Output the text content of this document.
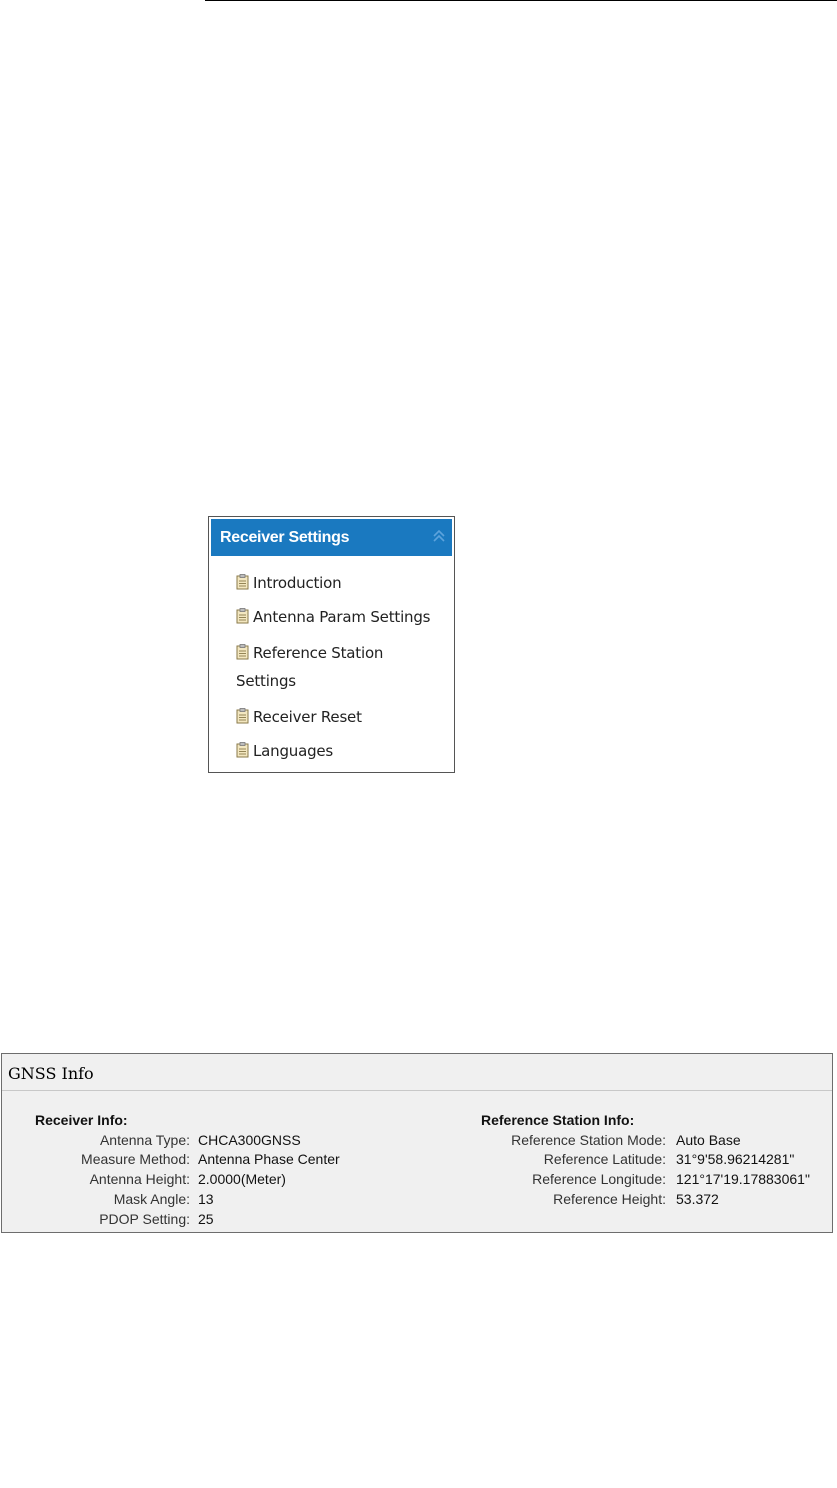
Receiver Settings
Introduction
Antenna Param Settings
Reference Station Settings
Receiver Reset
Languages
GNSS Info
Receiver Info:
Antenna Type: CHCA300GNSS
Measure Method: Antenna Phase Center
Antenna Height: 2.0000(Meter)
Mask Angle: 13
PDOP Setting: 25
Reference Station Info:
Reference Station Mode: Auto Base
Reference Latitude: 31°9'58.96214281ʺ
Reference Longitude: 121°17'19.17883061ʺ
Reference Height: 53.372
